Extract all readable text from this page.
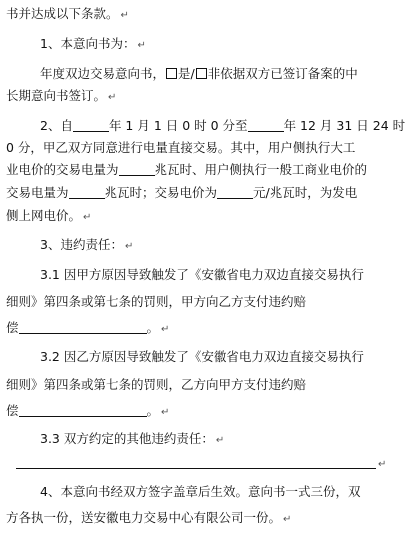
书并达成以下条款。 ↵
1、本意向书为： ↵
年度双边交易意向书， 是/ 非依据双方已签订备案的中
长期意向书签订。 ↵
2、自	年 1 月 1 日 0 时 0 分至	年 12 月 31 日 24 时
0 分，甲乙双方同意进行电量直接交易。其中，用户侧执行大工
业电价的交易电量为	兆瓦时、用户侧执行一般工商业电价的
交易电量为	兆瓦时；交易电价为	元/兆瓦时，为发电
侧上网电价。 ↵
3、违约责任： ↵
3.1 因甲方原因导致触发了《安徽省电力双边直接交易执行
细则》第四条或第七条的罚则，甲方向乙方支付违约赔
偿	。 ↵
3.2 因乙方原因导致触发了《安徽省电力双边直接交易执行
细则》第四条或第七条的罚则，乙方向甲方支付违约赔
偿	。 ↵
3.3 双方约定的其他违约责任： ↵
↵
4、本意向书经双方签字盖章后生效。意向书一式三份，双
方各执一份，送安徽电力交易中心有限公司一份。 ↵
